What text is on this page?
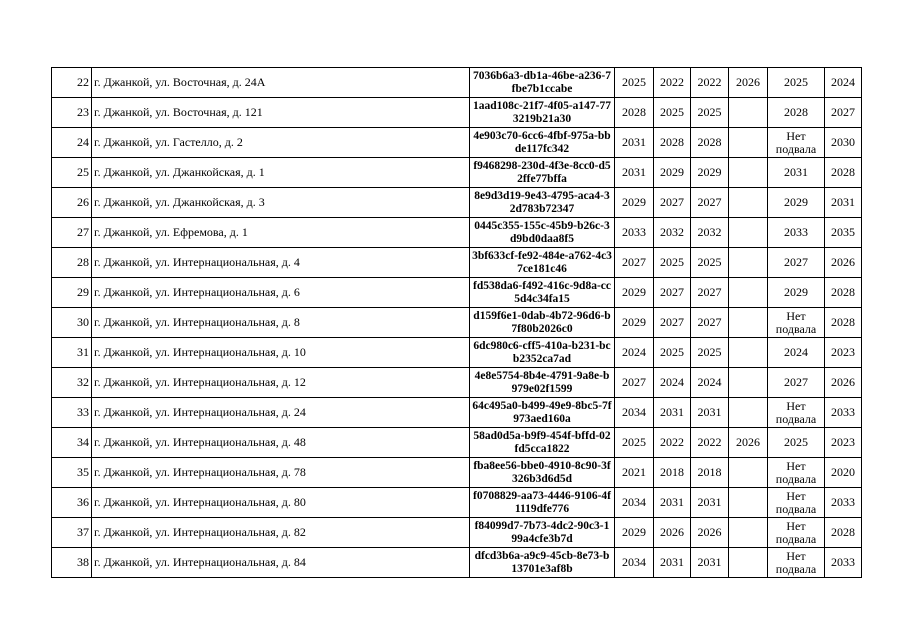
22	г. Джанкой, ул. Восточная, д. 24А	7036b6a3-db1a-46be-a236-7fbe7b1ccabe	2025	2022	2022	2026	2025	2024
23	г. Джанкой, ул. Восточная, д. 121	1aad108c-21f7-4f05-a147-773219b21a30	2028	2025	2025		2028	2027
24	г. Джанкой, ул. Гастелло, д. 2	4e903c70-6cc6-4fbf-975a-bbde117fc342	2031	2028	2028		Нет подвала	2030
25	г. Джанкой, ул. Джанкойская, д. 1	f9468298-230d-4f3e-8cc0-d52ffe77bffa	2031	2029	2029		2031	2028
26	г. Джанкой, ул. Джанкойская, д. 3	8e9d3d19-9e43-4795-aca4-32d783b72347	2029	2027	2027		2029	2031
27	г. Джанкой, ул. Ефремова, д. 1	0445c355-155c-45b9-b26c-3d9bd0daa8f5	2033	2032	2032		2033	2035
28	г. Джанкой, ул. Интернациональная, д. 4	3bf633cf-fe92-484e-a762-4c37ce181c46	2027	2025	2025		2027	2026
29	г. Джанкой, ул. Интернациональная, д. 6	fd538da6-f492-416c-9d8a-cc5d4c34fa15	2029	2027	2027		2029	2028
30	г. Джанкой, ул. Интернациональная, д. 8	d159f6e1-0dab-4b72-96d6-b7f80b2026c0	2029	2027	2027		Нет подвала	2028
31	г. Джанкой, ул. Интернациональная, д. 10	6dc980c6-cff5-410a-b231-bcb2352ca7ad	2024	2025	2025		2024	2023
32	г. Джанкой, ул. Интернациональная, д. 12	4e8e5754-8b4e-4791-9a8e-b979e02f1599	2027	2024	2024		2027	2026
33	г. Джанкой, ул. Интернациональная, д. 24	64c495a0-b499-49e9-8bc5-7f973aed160a	2034	2031	2031		Нет подвала	2033
34	г. Джанкой, ул. Интернациональная, д. 48	58ad0d5a-b9f9-454f-bffd-02fd5cca1822	2025	2022	2022	2026	2025	2023
35	г. Джанкой, ул. Интернациональная, д. 78	fba8ee56-bbe0-4910-8c90-3f326b3d6d5d	2021	2018	2018		Нет подвала	2020
36	г. Джанкой, ул. Интернациональная, д. 80	f0708829-aa73-4446-9106-4f1119dfe776	2034	2031	2031		Нет подвала	2033
37	г. Джанкой, ул. Интернациональная, д. 82	f84099d7-7b73-4dc2-90c3-199a4cfe3b7d	2029	2026	2026		Нет подвала	2028
38	г. Джанкой, ул. Интернациональная, д. 84	dfcd3b6a-a9c9-45cb-8e73-b13701e3af8b	2034	2031	2031		Нет подвала	2033
